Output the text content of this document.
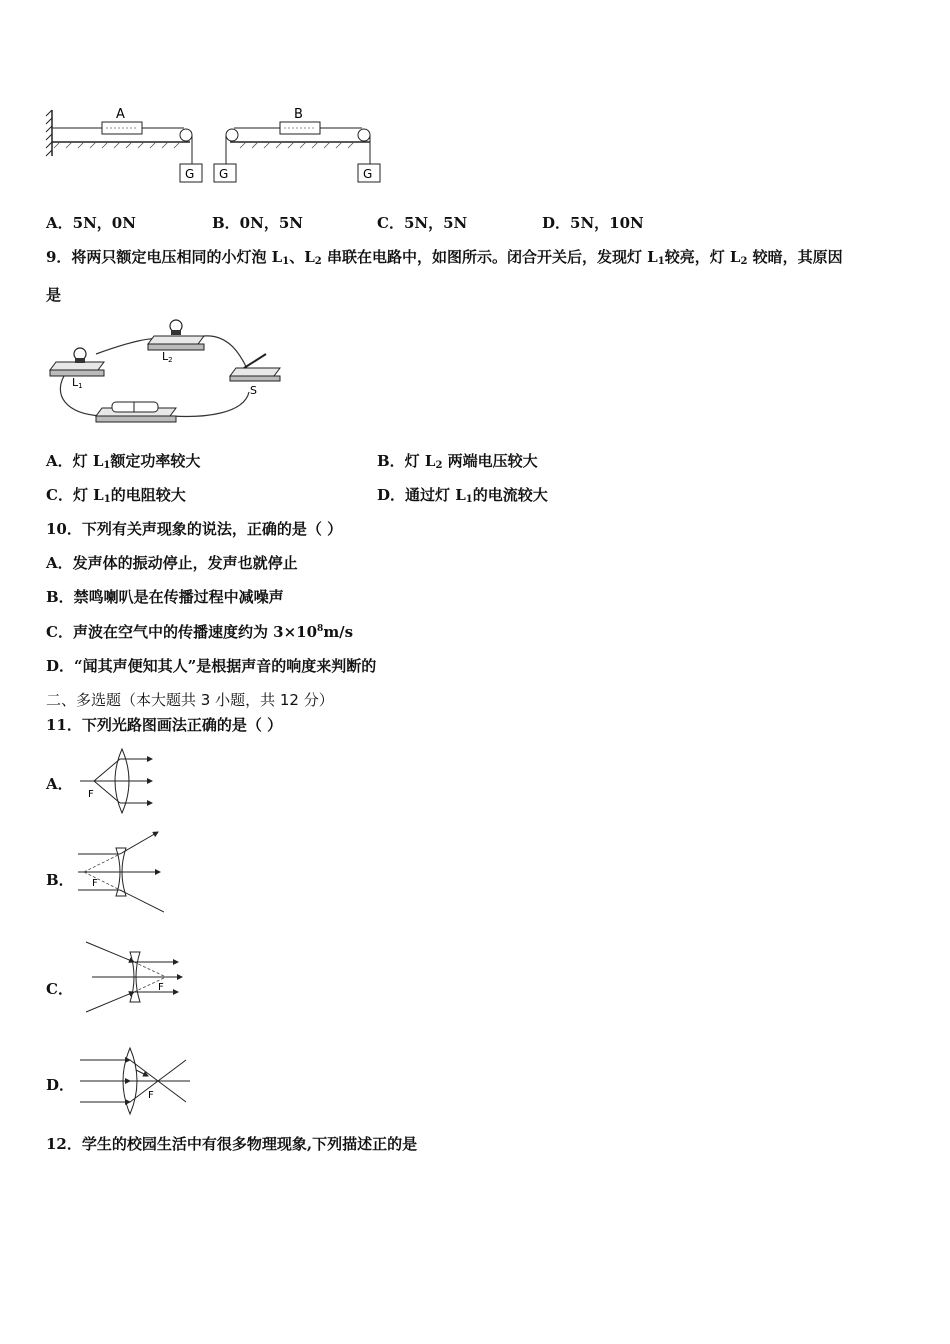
A
G G
B
G
A．5N，0N	B．0N，5N	C．5N，5N	D．5N，10N
9．将两只额定电压相同的小灯泡 $L_1$、$L_2$ 串联在电路中，如图所示。闭合开关后，发现灯 $L_1$较亮，灯 $L_2$ 较暗，其原因
是
L1
L2
S
A．灯 $L_1$额定功率较大	B．灯 $L_2$ 两端电压较大
C．灯 $L_1$的电阻较大	D．通过灯 $L_1$的电流较大
10．下列有关声现象的说法，正确的是（ ）
A．发声体的振动停止，发声也就停止
B．禁鸣喇叭是在传播过程中减噪声
C．声波在空气中的传播速度约为 $3\times 10^8m/s$
D．“闻其声便知其人”是根据声音的响度来判断的
二、多选题（本大题共 3 小题，共 12 分）
11．下列光路图画法正确的是（ ）
A．
F
B． F
C．	F
D．
F
12．学生的校园生活中有很多物理现象,下列描述正的是
